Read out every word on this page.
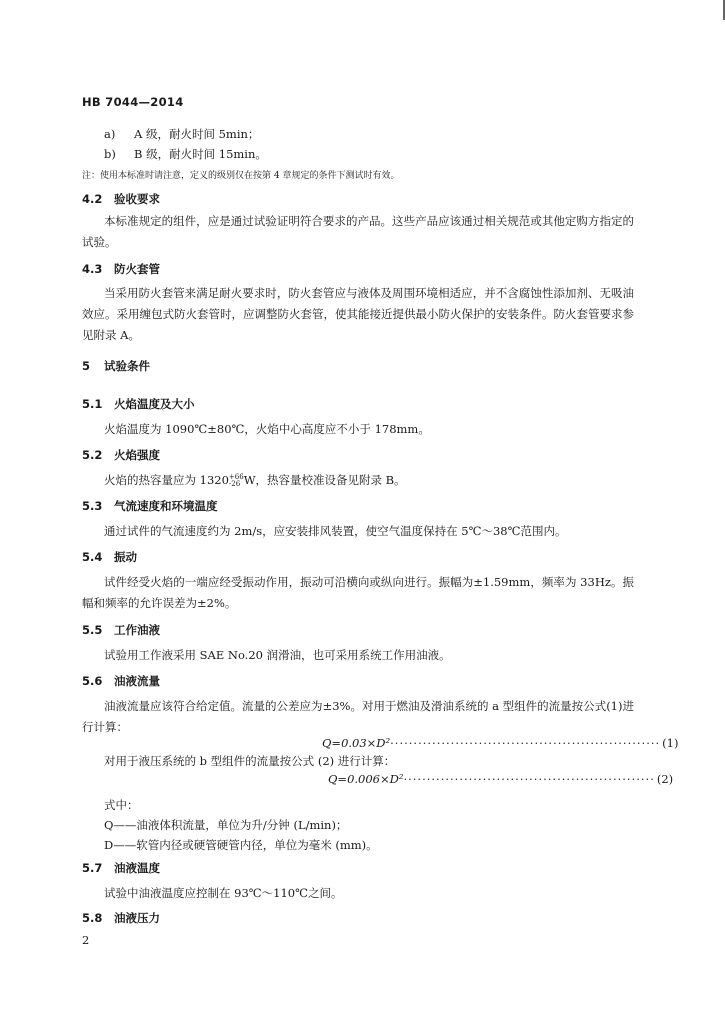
HB 7044—2014
a) A 级，耐火时间 5min；
b) B 级，耐火时间 15min。
注：使用本标准时请注意，定义的级别仅在按第 4 章规定的条件下测试时有效。
4.2 验收要求
本标准规定的组件，应是通过试验证明符合要求的产品。这些产品应该通过相关规范或其他定购方指定的试验。
4.3 防火套管
当采用防火套管来满足耐火要求时，防火套管应与液体及周围环境相适应，并不含腐蚀性添加剂、无吸油效应。采用缠包式防火套管时，应调整防火套管，使其能接近提供最小防火保护的安装条件。防火套管要求参见附录 A。
5 试验条件
5.1 火焰温度及大小
火焰温度为 1090℃±80℃，火焰中心高度应不小于 178mm。
5.2 火焰强度
火焰的热容量应为 1320 +66
-26 W，热容量校准设备见附录 B。
5.3 气流速度和环境温度
通过试件的气流速度约为 2m/s，应安装排风装置，使空气温度保持在 5℃～38℃范围内。
5.4 振动
试件经受火焰的一端应经受振动作用，振动可沿横向或纵向进行。振幅为±1.59mm，频率为 33Hz。振幅和频率的允许误差为±2%。
5.5 工作油液
试验用工作液采用 SAE No.20 润滑油，也可采用系统工作用油液。
5.6 油液流量
油液流量应该符合给定值。流量的公差应为±3%。对用于燃油及滑油系统的 a 型组件的流量按公式(1)进行计算：
Q=0.03×D²·························································· (1)
对用于液压系统的 b 型组件的流量按公式 (2) 进行计算：
Q=0.006×D²······················································ (2)
式中：
Q——油液体积流量，单位为升/分钟 (L/min)；
D——软管内径或硬管硬管内径，单位为毫米 (mm)。
5.7 油液温度
试验中油液温度应控制在 93℃～110℃之间。
5.8 油液压力
2
